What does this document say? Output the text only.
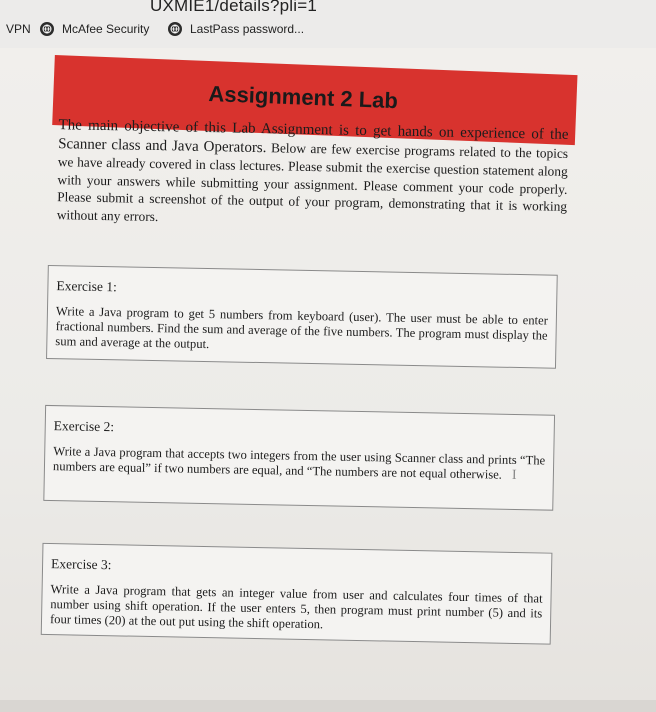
UXMIE1/details?pli=1
VPN	McAfee Security	LastPass password...
Assignment 2 Lab
The main objective of this Lab Assignment is to get hands on experience of the Scanner class and Java Operators. Below are few exercise programs related to the topics we have already covered in class lectures. Please submit the exercise question statement along with your answers while submitting your assignment. Please comment your code properly. Please submit a screenshot of the output of your program, demonstrating that it is working without any errors.
Exercise 1:
Write a Java program to get 5 numbers from keyboard (user). The user must be able to enter fractional numbers. Find the sum and average of the five numbers. The program must display the sum and average at the output.
Exercise 2:
Write a Java program that accepts two integers from the user using Scanner class and prints “The numbers are equal” if two numbers are equal, and “The numbers are not equal otherwise. I
Exercise 3:
Write a Java program that gets an integer value from user and calculates four times of that number using shift operation. If the user enters 5, then program must print number (5) and its four times (20) at the out put using the shift operation.
